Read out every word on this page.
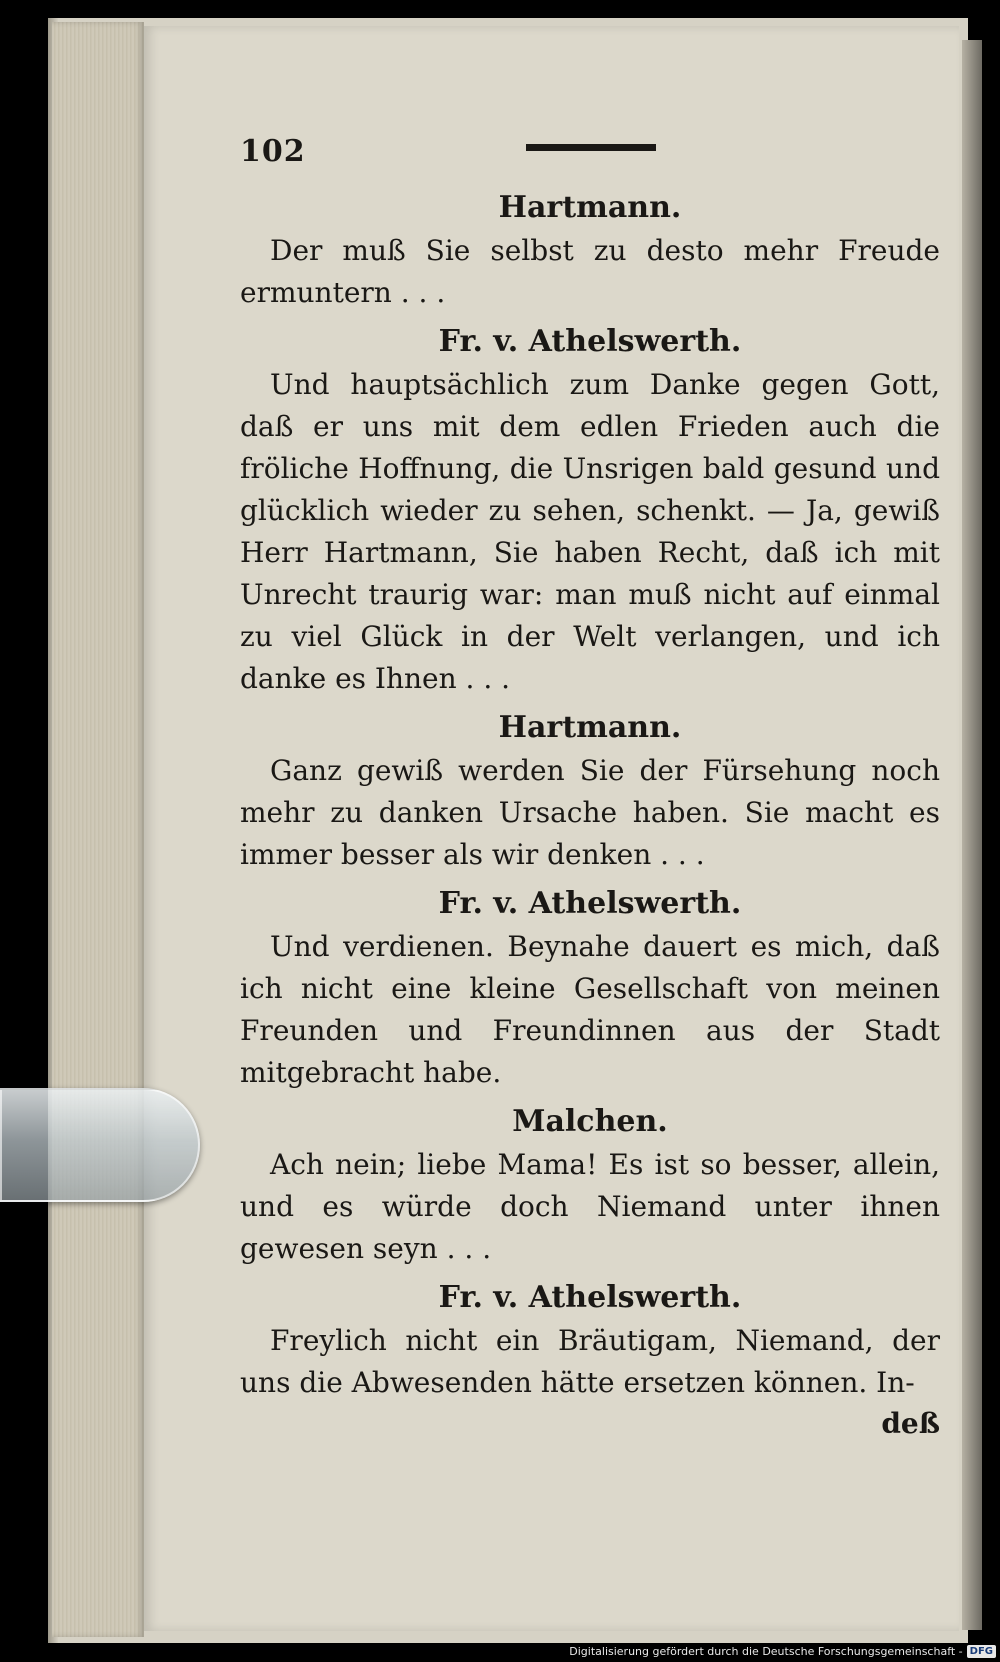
102

Hartmann.

Der muß Sie selbst zu desto mehr Freude ermuntern . . .

Fr. v. Athelswerth.

Und hauptsächlich zum Danke gegen Gott, daß er uns mit dem edlen Frieden auch die fröliche Hoffnung, die Unsrigen bald gesund und glücklich wieder zu sehen, schenkt. — Ja, gewiß Herr Hartmann, Sie haben Recht, daß ich mit Unrecht traurig war: man muß nicht auf einmal zu viel Glück in der Welt verlangen, und ich danke es Ihnen . . .

Hartmann.

Ganz gewiß werden Sie der Fürsehung noch mehr zu danken Ursache haben. Sie macht es immer besser als wir denken . . .

Fr. v. Athelswerth.

Und verdienen. Beynahe dauert es mich, daß ich nicht eine kleine Gesellschaft von meinen Freunden und Freundinnen aus der Stadt mitgebracht habe.

Malchen.

Ach nein; liebe Mama! Es ist so besser, allein, und es würde doch Niemand unter ihnen gewesen seyn . . .

Fr. v. Athelswerth.

Freylich nicht ein Bräutigam, Niemand, der uns die Abwesenden hätte ersetzen können. In-

deß

Digitalisierung gefördert durch die Deutsche Forschungsgemeinschaft - DFG
